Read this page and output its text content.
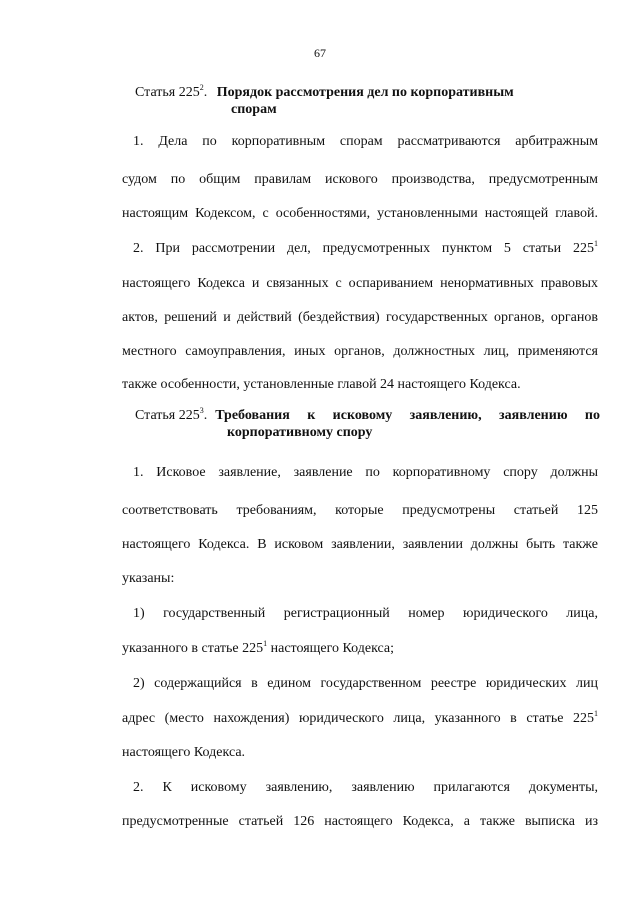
67
Статья $225^2$. Порядок рассмотрения дел по корпоративным
спорам
1. Дела по корпоративным спорам рассматриваются арбитражным
судом по общим правилам искового производства, предусмотренным
настоящим Кодексом, с особенностями, установленными настоящей главой.
2. При рассмотрении дел, предусмотренных пунктом 5 статьи $225^1$
настоящего Кодекса и связанных с оспариванием ненормативных правовых
актов, решений и действий (бездействия) государственных органов, органов
местного самоуправления, иных органов, должностных лиц, применяются
также особенности, установленные главой 24 настоящего Кодекса.
Статья $225^3$. Требования к исковому заявлению, заявлению по
корпоративному спору
1. Исковое заявление, заявление по корпоративному спору должны
соответствовать требованиям, которые предусмотрены статьей 125
настоящего Кодекса. В исковом заявлении, заявлении должны быть также
указаны:
1) государственный регистрационный номер юридического лица,
указанного в статье $225^1$ настоящего Кодекса;
2) содержащийся в едином государственном реестре юридических лиц
адрес (место нахождения) юридического лица, указанного в статье $225^1$
настоящего Кодекса.
2. К исковому заявлению, заявлению прилагаются документы,
предусмотренные статьей 126 настоящего Кодекса, а также выписка из
